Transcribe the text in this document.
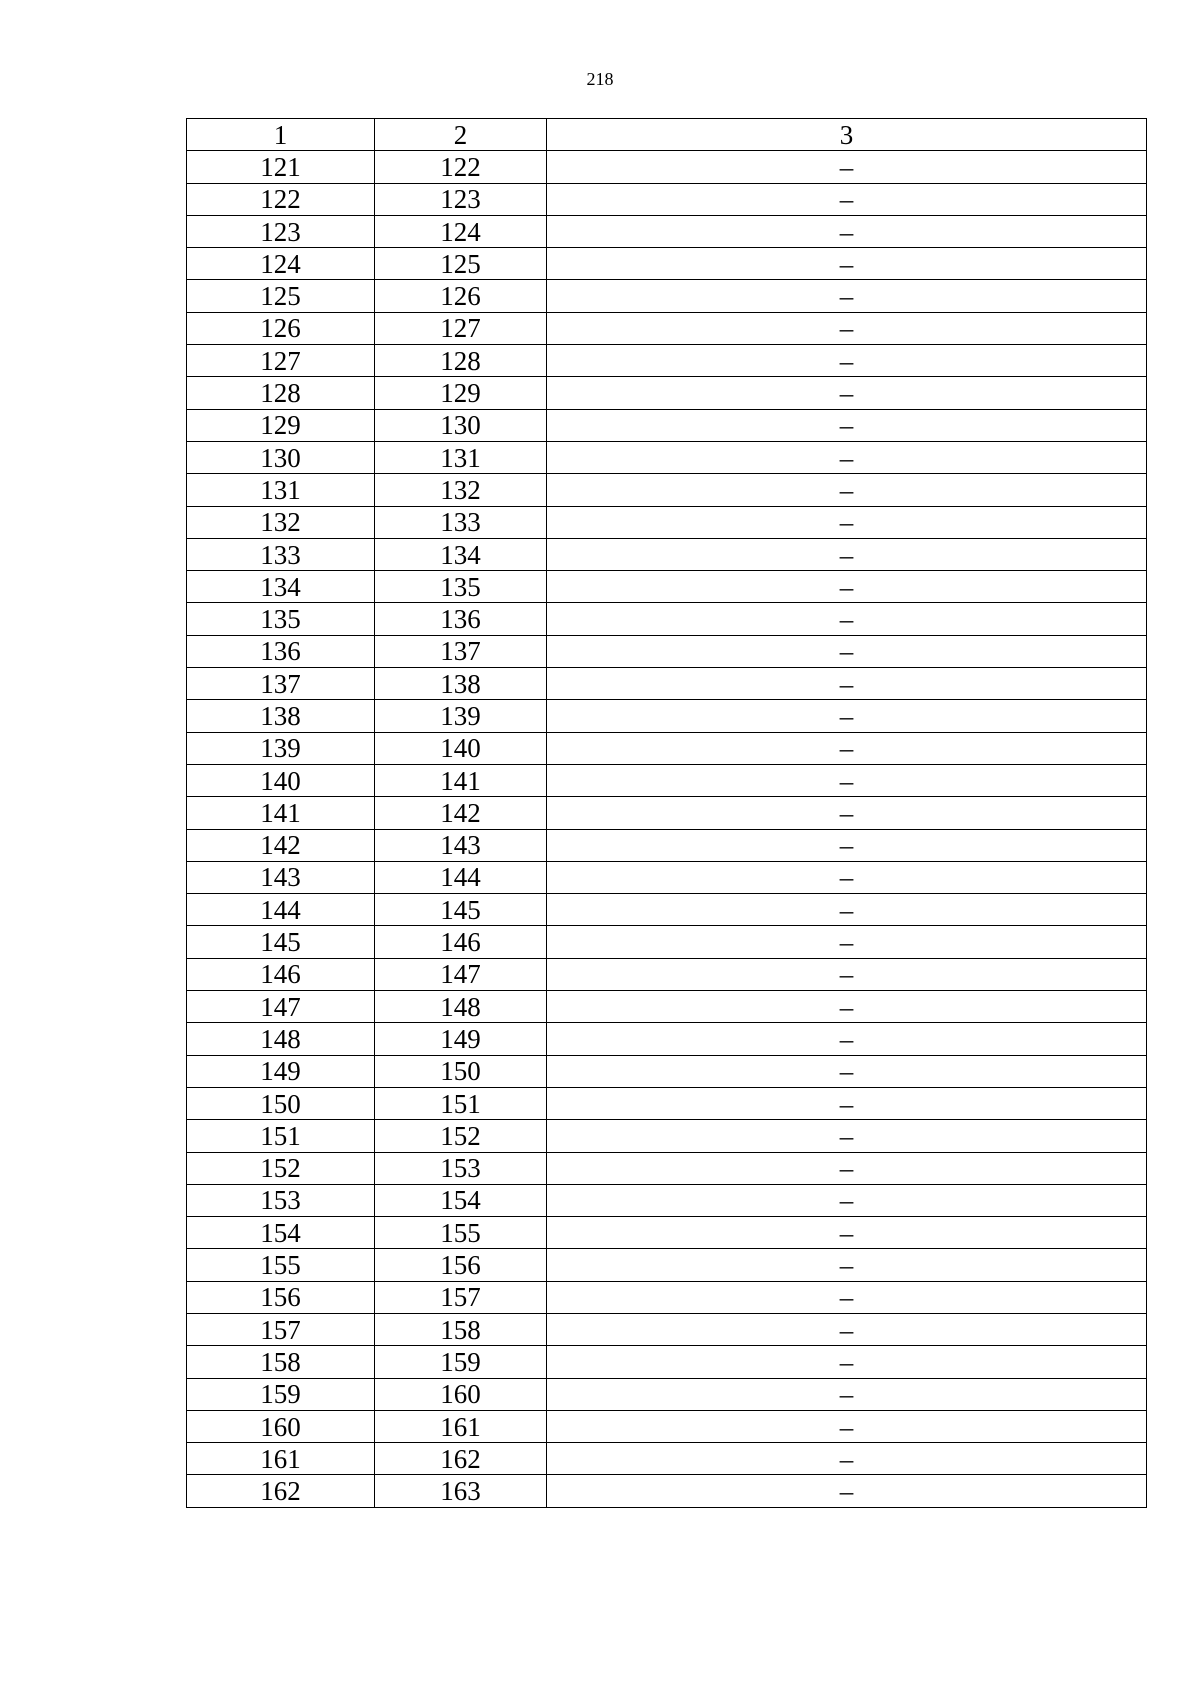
218
1	2	3
121	122	–
122	123	–
123	124	–
124	125	–
125	126	–
126	127	–
127	128	–
128	129	–
129	130	–
130	131	–
131	132	–
132	133	–
133	134	–
134	135	–
135	136	–
136	137	–
137	138	–
138	139	–
139	140	–
140	141	–
141	142	–
142	143	–
143	144	–
144	145	–
145	146	–
146	147	–
147	148	–
148	149	–
149	150	–
150	151	–
151	152	–
152	153	–
153	154	–
154	155	–
155	156	–
156	157	–
157	158	–
158	159	–
159	160	–
160	161	–
161	162	–
162	163	–
